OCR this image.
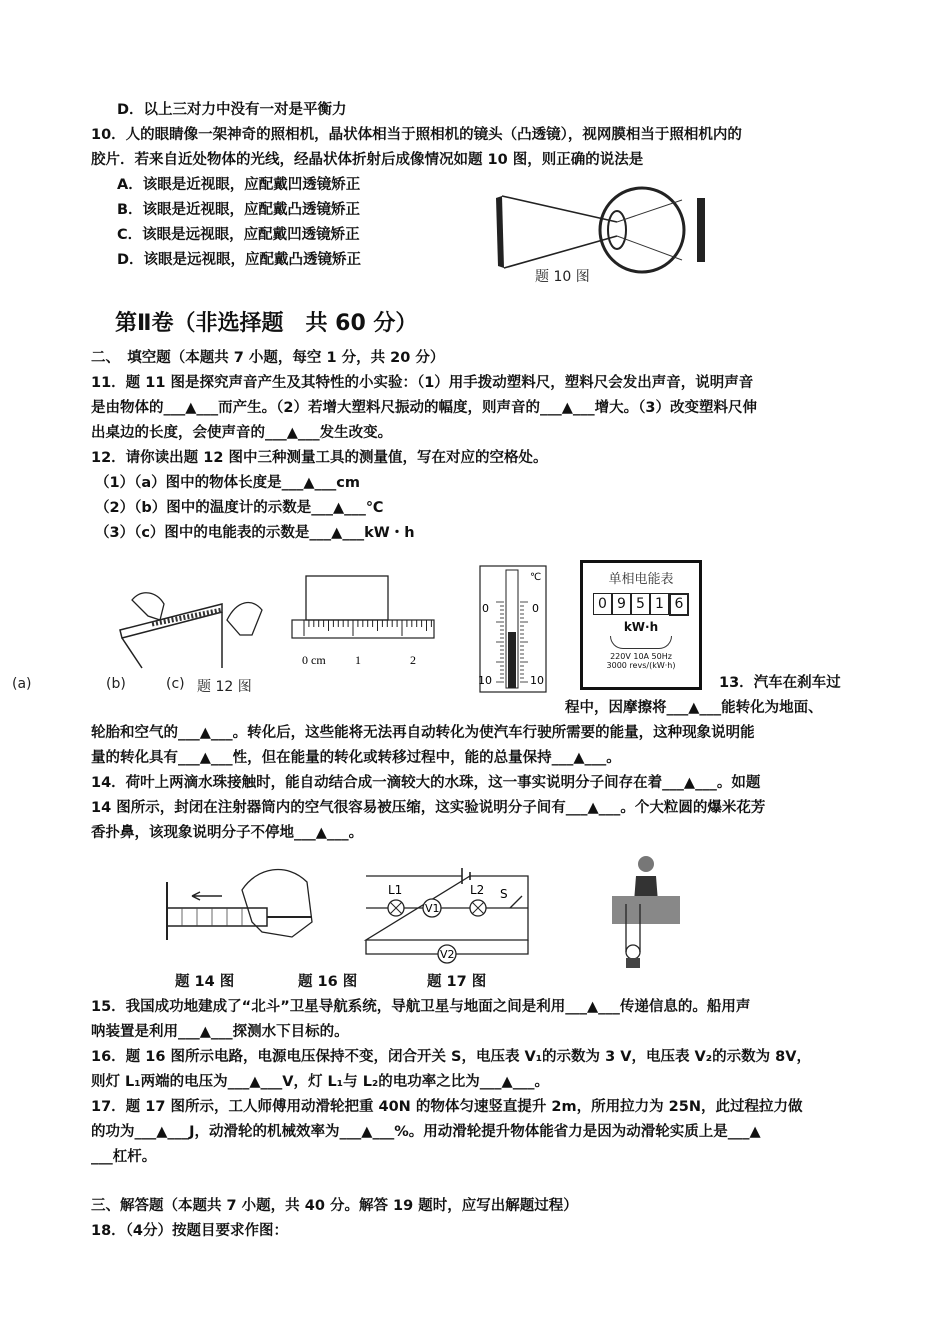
D．以上三对力中没有一对是平衡力
10．人的眼睛像一架神奇的照相机，晶状体相当于照相机的镜头（凸透镜），视网膜相当于照相机内的
胶片．若来自近处物体的光线，经晶状体折射后成像情况如题 10 图，则正确的说法是
A．该眼是近视眼，应配戴凹透镜矫正
B．该眼是近视眼，应配戴凸透镜矫正
C．该眼是远视眼，应配戴凹透镜矫正
D．该眼是远视眼，应配戴凸透镜矫正
题 10 图
第Ⅱ卷（非选择题　共 60 分）
二、　填空题（本题共 7 小题，每空 1 分，共 20 分）
11．题 11 图是探究声音产生及其特性的小实验：（1）用手拨动塑料尺，塑料尺会发出声音，说明声音
是由物体的___▲___而产生。（2）若增大塑料尺振动的幅度，则声音的___▲___增大。（3）改变塑料尺伸
出桌边的长度，会使声音的___▲___发生改变。
12．请你读出题 12 图中三种测量工具的测量值，写在对应的空格处。
（1）（a）图中的物体长度是___▲___cm
（2）（b）图中的温度计的示数是___▲___℃
（3）（c）图中的电能表的示数是___▲___kW・h
0 cm 1	2
0
10
℃
0
10
单相电能表
0 9 5 1 6
kW·h
220V 10A 50Hz
3000 revs/(kW·h)
(a)	(b)	(c) 题 12 图	13．汽车在刹车过
程中，因摩擦将___▲___能转化为地面、
轮胎和空气的___▲___。转化后，这些能将无法再自动转化为使汽车行驶所需要的能量，这种现象说明能
量的转化具有___▲___性，但在能量的转化或转移过程中，能的总量保持___▲___。
14．荷叶上两滴水珠接触时，能自动结合成一滴较大的水珠，这一事实说明分子间存在着___▲___。如题
14 图所示，封闭在注射器筒内的空气很容易被压缩，这实验说明分子间有___▲___。个大粒圆的爆米花芳
香扑鼻，该现象说明分子不停地___▲___。
L1
V1
L2 S
V2
题 14 图	题 16 图	题 17 图
15．我国成功地建成了“北斗”卫星导航系统，导航卫星与地面之间是利用___▲___传递信息的。船用声
呐装置是利用___▲___探测水下目标的。
16．题 16 图所示电路，电源电压保持不变，闭合开关 S，电压表 V₁的示数为 3 V，电压表 V₂的示数为 8V，
则灯 L₁两端的电压为___▲___V，灯 L₁与 L₂的电功率之比为___▲___。
17．题 17 图所示，工人师傅用动滑轮把重 40N 的物体匀速竖直提升 2m，所用拉力为 25N，此过程拉力做
的功为___▲___J，动滑轮的机械效率为___▲___%。用动滑轮提升物体能省力是因为动滑轮实质上是___▲
___杠杆。
三、解答题（本题共 7 小题，共 40 分。解答 19 题时，应写出解题过程）
18．（4分）按题目要求作图：
